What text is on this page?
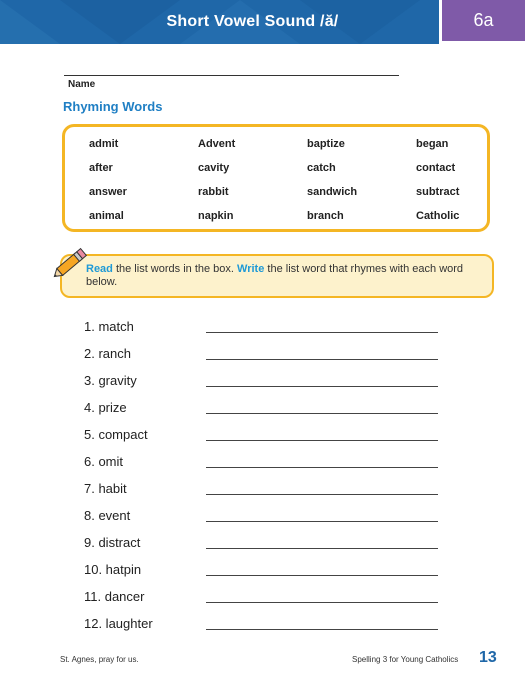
Short Vowel Sound /ă/	6a
Name
Rhyming Words
admit	Advent	baptize	began
after	cavity	catch	contact
answer	rabbit	sandwich	subtract
animal	napkin	branch	Catholic
Read the list words in the box. Write the list word that rhymes with each word below.
1. match
2. ranch
3. gravity
4. prize
5. compact
6. omit
7. habit
8. event
9. distract
10. hatpin
11. dancer
12. laughter
St. Agnes, pray for us.	Spelling 3 for Young Catholics 13
